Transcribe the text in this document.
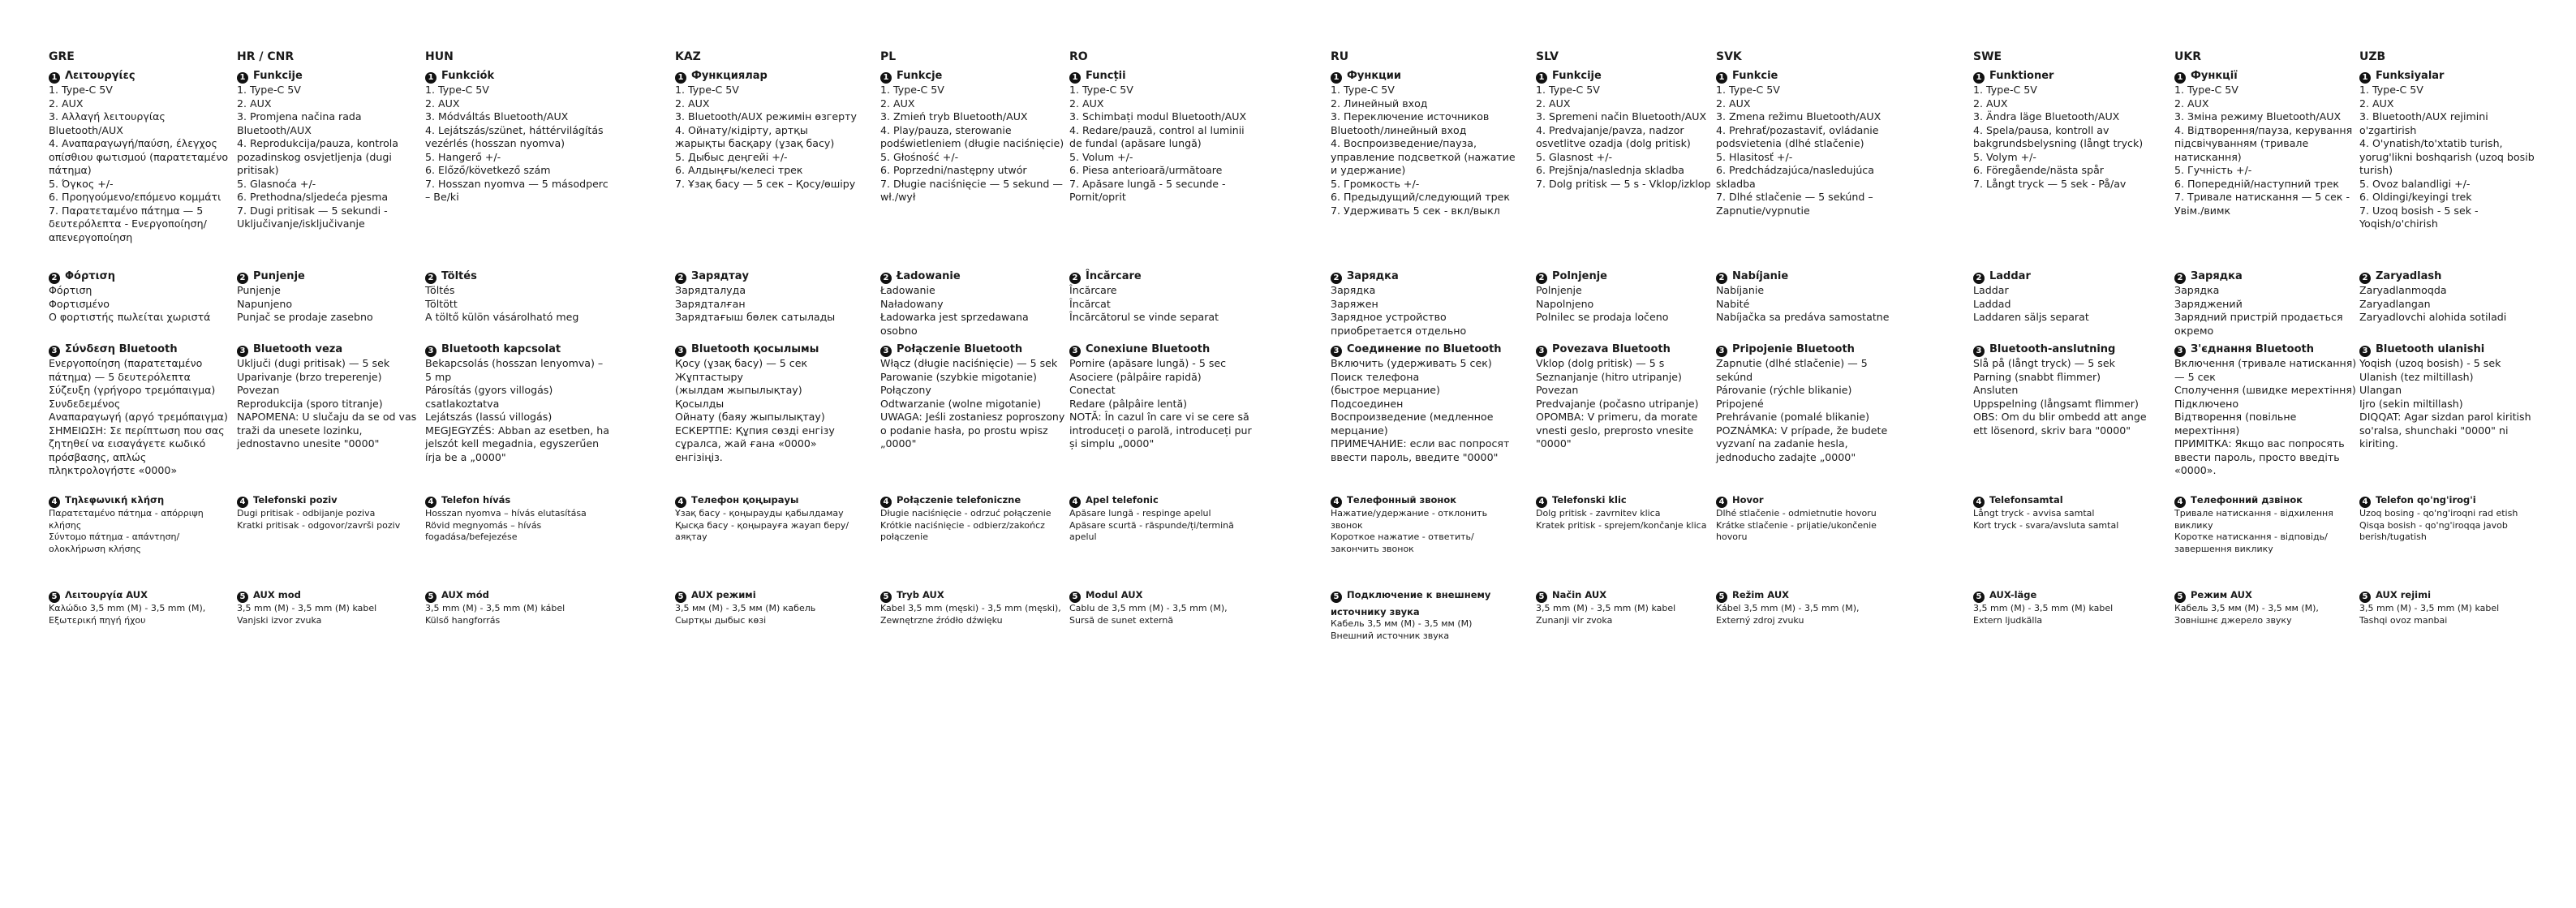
GRE
1 Λειτουργίες
1. Type-C 5V
2. AUX
3. Αλλαγή λειτουργίας Bluetooth/AUX
4. Αναπαραγωγή/παύση, έλεγχος οπίσθιου φωτισμού (παρατεταμένο πάτημα)
5. Όγκος +/-
6. Προηγούμενο/επόμενο κομμάτι
7. Παρατεταμένο πάτημα — 5 δευτερόλεπτα - Ενεργοποίηση/απενεργοποίηση
2 Φόρτιση
Φόρτιση
Φορτισμένο
Ο φορτιστής πωλείται χωριστά
3 Σύνδεση Bluetooth
Ενεργοποίηση (παρατεταμένο πάτημα) — 5 δευτερόλεπτα
Σύζευξη (γρήγορο τρεμόπαιγμα)
Συνδεδεμένος
Αναπαραγωγή (αργό τρεμόπαιγμα)
ΣΗΜΕΙΩΣΗ: Σε περίπτωση που σας ζητηθεί να εισαγάγετε κωδικό πρόσβασης, απλώς πληκτρολογήστε «0000»
4 Τηλεφωνική κλήση
Παρατεταμένο πάτημα - απόρριψη κλήσης
Σύντομο πάτημα - απάντηση/ολοκλήρωση κλήσης
5 Λειτουργία AUX
Καλώδιο 3,5 mm (M) - 3,5 mm (M),
Εξωτερική πηγή ήχου
HR / CNR
1 Funkcije
1. Type-C 5V
2. AUX
3. Promjena načina rada Bluetooth/AUX
4. Reprodukcija/pauza, kontrola pozadinskog osvjetljenja (dugi pritisak)
5. Glasnoća +/-
6. Prethodna/sljedeća pjesma
7. Dugi pritisak — 5 sekundi - Uključivanje/isključivanje
2 Punjenje
Punjenje
Napunjeno
Punjač se prodaje zasebno
3 Bluetooth veza
Uključi (dugi pritisak) — 5 sek
Uparivanje (brzo treperenje)
Povezan
Reprodukcija (sporo titranje)
NAPOMENA: U slučaju da se od vas traži da unesete lozinku, jednostavno unesite "0000"
4 Telefonski poziv
Dugi pritisak - odbijanje poziva
Kratki pritisak - odgovor/završi poziv
5 AUX mod
3,5 mm (M) - 3,5 mm (M) kabel
Vanjski izvor zvuka
HUN
1 Funkciók
1. Type-C 5V
2. AUX
3. Módváltás Bluetooth/AUX
4. Lejátszás/szünet, háttérvilágítás vezérlés (hosszan nyomva)
5. Hangerő +/-
6. Előző/következő szám
7. Hosszan nyomva — 5 másodperc – Be/ki
2 Töltés
Töltés
Töltött
A töltő külön vásárolható meg
3 Bluetooth kapcsolat
Bekapcsolás (hosszan lenyomva) – 5 mp
Párosítás (gyors villogás)
csatlakoztatva
Lejátszás (lassú villogás)
MEGJEGYZÉS: Abban az esetben, ha jelszót kell megadnia, egyszerűen írja be a „0000"
4 Telefon hívás
Hosszan nyomva – hívás elutasítása
Rövid megnyomás – hívás fogadása/befejezése
5 AUX mód
3,5 mm (M) - 3,5 mm (M) kábel
Külső hangforrás
KAZ
1 Функциялар
1. Type-C 5V
2. AUX
3. Bluetooth/AUX режимін өзгерту
4. Ойнату/кідірту, артқы жарықты басқару (ұзақ басу)
5. Дыбыс деңгейі +/-
6. Алдыңғы/келесі трек
7. Ұзақ басу — 5 сек – Қосу/өшіру
2 Зарядтау
Зарядталуда
Зарядталған
Зарядтағыш бөлек сатылады
3 Bluetooth қосылымы
Қосу (ұзақ басу) — 5 сек
Жұптастыру
(жылдам жыпылықтау)
Қосылды
Ойнату (баяу жыпылықтау)
ЕСКЕРТПЕ: Құпия сөзді енгізу сұралса, жай ғана «0000» енгізіңіз.
4 Телефон қоңырауы
Ұзақ басу - қоңырауды қабылдамау
Қысқа басу - қоңырауға жауап беру/аяқтау
5 AUX режимі
3,5 мм (М) - 3,5 мм (М) кабель
Сыртқы дыбыс көзі
PL
1 Funkcje
1. Type-C 5V
2. AUX
3. Zmień tryb Bluetooth/AUX
4. Play/pauza, sterowanie podświetleniem (długie naciśnięcie)
5. Głośność +/-
6. Poprzedni/następny utwór
7. Długie naciśnięcie — 5 sekund — wł./wył
2 Ładowanie
Ładowanie
Naładowany
Ładowarka jest sprzedawana osobno
3 Połączenie Bluetooth
Włącz (długie naciśnięcie) — 5 sek
Parowanie (szybkie migotanie)
Połączony
Odtwarzanie (wolne migotanie)
UWAGA: Jeśli zostaniesz poproszony o podanie hasła, po prostu wpisz „0000"
4 Połączenie telefoniczne
Długie naciśnięcie - odrzuć połączenie
Krótkie naciśnięcie - odbierz/zakończ połączenie
5 Tryb AUX
Kabel 3,5 mm (męski) - 3,5 mm (męski),
Zewnętrzne źródło dźwięku
RO
1 Funcții
1. Type-C 5V
2. AUX
3. Schimbați modul Bluetooth/AUX
4. Redare/pauză, control al luminii de fundal (apăsare lungă)
5. Volum +/-
6. Piesa anterioară/următoare
7. Apăsare lungă - 5 secunde - Pornit/oprit
2 Încărcare
Încărcare
Încărcat
Încărcătorul se vinde separat
3 Conexiune Bluetooth
Pornire (apăsare lungă) - 5 sec
Asociere (pâlpâire rapidă)
Conectat
Redare (pâlpâire lentă)
NOTĂ: În cazul în care vi se cere să introduceți o parolă, introduceți pur și simplu „0000"
4 Apel telefonic
Apăsare lungă - respinge apelul
Apăsare scurtă - răspunde/ți/termină apelul
5 Modul AUX
Cablu de 3,5 mm (M) - 3,5 mm (M),
Sursă de sunet externă
RU
1 Функции
1. Type-C 5V
2. Линейный вход
3. Переключение источников Bluetooth/линейный вход
4. Воспроизведение/пауза, управление подсветкой (нажатие и удержание)
5. Громкость +/-
6. Предыдущий/следующий трек
7. Удерживать 5 сек - вкл/выкл
2 Зарядка
Зарядка
Заряжен
Зарядное устройство приобретается отдельно
3 Соединение по Bluetooth
Включить (удерживать 5 сек)
Поиск телефона
(быстрое мерцание)
Подсоединен
Воспроизведение (медленное мерцание)
ПРИМЕЧАНИЕ: если вас попросят ввести пароль, введите "0000"
4 Телефонный звонок
Нажатие/удержание - отклонить звонок
Короткое нажатие - ответить/закончить звонок
5 Подключение к внешнему источнику звука
Кабель 3,5 мм (M) - 3,5 мм (M)
Внешний источник звука
SLV
1 Funkcije
1. Type-C 5V
2. AUX
3. Spremeni način Bluetooth/AUX
4. Predvajanje/pavza, nadzor osvetlitve ozadja (dolg pritisk)
5. Glasnost +/-
6. Prejšnja/naslednja skladba
7. Dolg pritisk — 5 s - Vklop/izklop
2 Polnjenje
Polnjenje
Napolnjeno
Polnilec se prodaja ločeno
3 Povezava Bluetooth
Vklop (dolg pritisk) — 5 s
Seznanjanje (hitro utripanje)
Povezan
Predvajanje (počasno utripanje)
OPOMBA: V primeru, da morate vnesti geslo, preprosto vnesite "0000"
4 Telefonski klic
Dolg pritisk - zavrnitev klica
Kratek pritisk - sprejem/končanje klica
5 Način AUX
3,5 mm (M) - 3,5 mm (M) kabel
Zunanji vir zvoka
SVK
1 Funkcie
1. Type-C 5V
2. AUX
3. Zmena režimu Bluetooth/AUX
4. Prehrať/pozastaviť, ovládanie podsvietenia (dlhé stlačenie)
5. Hlasitosť +/-
6. Predchádzajúca/nasledujúca skladba
7. Dlhé stlačenie — 5 sekúnd – Zapnutie/vypnutie
2 Nabíjanie
Nabíjanie
Nabité
Nabíjačka sa predáva samostatne
3 Pripojenie Bluetooth
Zapnutie (dlhé stlačenie) — 5 sekúnd
Párovanie (rýchle blikanie)
Pripojené
Prehrávanie (pomalé blikanie)
POZNÁMKA: V prípade, že budete vyzvaní na zadanie hesla, jednoducho zadajte „0000"
4 Hovor
Dlhé stlačenie - odmietnutie hovoru
Krátke stlačenie - prijatie/ukončenie hovoru
5 Režim AUX
Kábel 3,5 mm (M) - 3,5 mm (M),
Externý zdroj zvuku
SWE
1 Funktioner
1. Type-C 5V
2. AUX
3. Ändra läge Bluetooth/AUX
4. Spela/pausa, kontroll av bakgrundsbelysning (långt tryck)
5. Volym +/-
6. Föregående/nästa spår
7. Långt tryck — 5 sek - På/av
2 Laddar
Laddar
Laddad
Laddaren säljs separat
3 Bluetooth-anslutning
Slå på (långt tryck) — 5 sek
Parning (snabbt flimmer)
Ansluten
Uppspelning (långsamt flimmer)
OBS: Om du blir ombedd att ange ett lösenord, skriv bara "0000"
4 Telefonsamtal
Långt tryck - avvisa samtal
Kort tryck - svara/avsluta samtal
5 AUX-läge
3,5 mm (M) - 3,5 mm (M) kabel
Extern ljudkälla
UKR
1 Функції
1. Type-C 5V
2. AUX
3. Зміна режиму Bluetooth/AUX
4. Відтворення/пауза, керування підсвічуванням (тривале натискання)
5. Гучність +/-
6. Попередній/наступний трек
7. Тривале натискання — 5 сек - Увім./вимк
2 Зарядка
Зарядка
Заряджений
Зарядний пристрій продається окремо
3 З'єднання Bluetooth
Включення (тривале натискання) — 5 сек
Сполучення (швидке мерехтіння)
Підключено
Відтворення (повільне мерехтіння)
ПРИМІТКА: Якщо вас попросять ввести пароль, просто введіть «0000».
4 Телефонний дзвінок
Тривале натискання - відхилення виклику
Коротке натискання - відповідь/завершення виклику
5 Режим AUX
Кабель 3,5 мм (М) - 3,5 мм (М),
Зовнішнє джерело звуку
UZB
1 Funksiyalar
1. Type-C 5V
2. AUX
3. Bluetooth/AUX rejimini o'zgartirish
4. O'ynatish/to'xtatib turish, yorug'likni boshqarish (uzoq bosib turish)
5. Ovoz balandligi +/-
6. Oldingi/keyingi trek
7. Uzoq bosish - 5 sek - Yoqish/o'chirish
2 Zaryadlash
Zaryadlanmoqda
Zaryadlangan
Zaryadlovchi alohida sotiladi
3 Bluetooth ulanishi
Yoqish (uzoq bosish) - 5 sek
Ulanish (tez miltillash)
Ulangan
Ijro (sekin miltillash)
DIQQAT: Agar sizdan parol kiritish so'ralsa, shunchaki "0000" ni kiriting.
4 Telefon qo'ng'irog'i
Uzoq bosing - qo'ng'iroqni rad etish
Qisqa bosish - qo'ng'iroqqa javob berish/tugatish
5 AUX rejimi
3,5 mm (M) - 3,5 mm (M) kabel
Tashqi ovoz manbai
